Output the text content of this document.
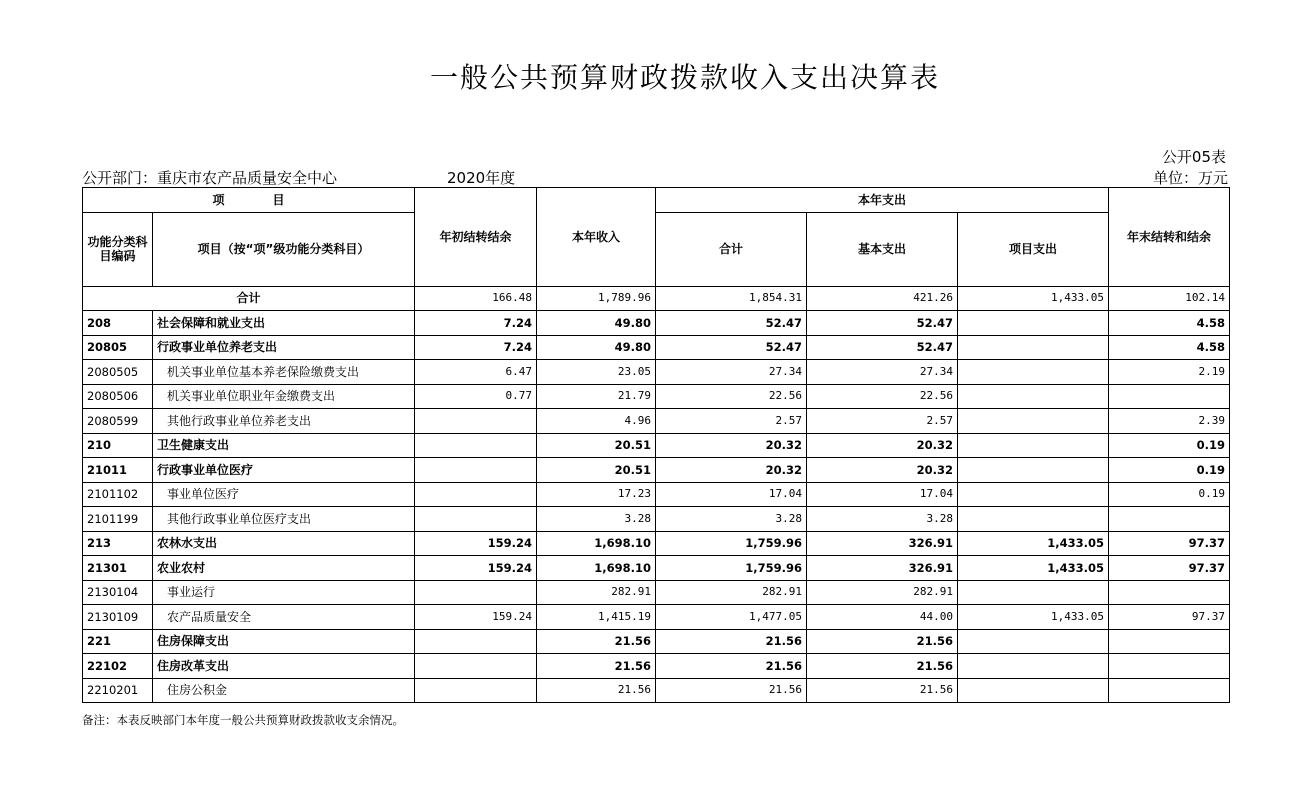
一般公共预算财政拨款收入支出决算表
公开05表
公开部门：重庆市农产品质量安全中心	2020年度	单位：万元
项　　　　目		年初结转结余	本年收入	本年支出			年末结转和结余
功能分类科目编码	项目（按“项”级功能分类科目）			合计	基本支出	项目支出	
合计		166.48	1,789.96	1,854.31	421.26	1,433.05	102.14
208	社会保障和就业支出	7.24	49.80	52.47	52.47		4.58
20805	行政事业单位养老支出	7.24	49.80	52.47	52.47		4.58
2080505	机关事业单位基本养老保险缴费支出	6.47	23.05	27.34	27.34		2.19
2080506	机关事业单位职业年金缴费支出	0.77	21.79	22.56	22.56		
2080599	其他行政事业单位养老支出		4.96	2.57	2.57		2.39
210	卫生健康支出		20.51	20.32	20.32		0.19
21011	行政事业单位医疗		20.51	20.32	20.32		0.19
2101102	事业单位医疗		17.23	17.04	17.04		0.19
2101199	其他行政事业单位医疗支出		3.28	3.28	3.28		
213	农林水支出	159.24	1,698.10	1,759.96	326.91	1,433.05	97.37
21301	农业农村	159.24	1,698.10	1,759.96	326.91	1,433.05	97.37
2130104	事业运行		282.91	282.91	282.91		
2130109	农产品质量安全	159.24	1,415.19	1,477.05	44.00	1,433.05	97.37
221	住房保障支出		21.56	21.56	21.56		
22102	住房改革支出		21.56	21.56	21.56		
2210201	住房公积金		21.56	21.56	21.56		
备注：本表反映部门本年度一般公共预算财政拨款收支余情况。
